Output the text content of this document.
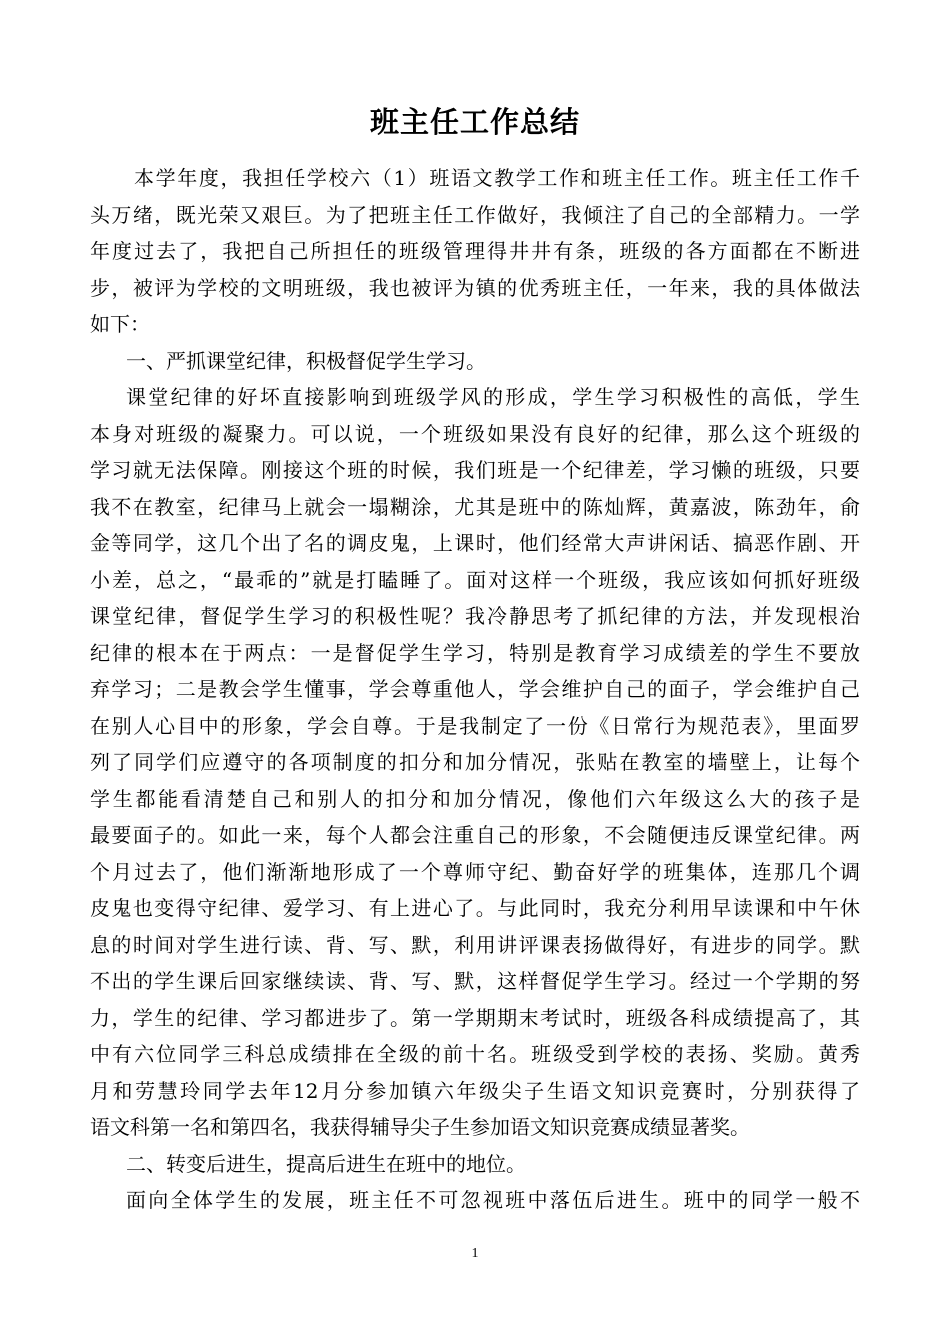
班主任工作总结
本学年度，我担任学校六（1）班语文教学工作和班主任工作。班主任工作千
头万绪，既光荣又艰巨。为了把班主任工作做好，我倾注了自己的全部精力。一学
年度过去了，我把自己所担任的班级管理得井井有条，班级的各方面都在不断进
步，被评为学校的文明班级，我也被评为镇的优秀班主任，一年来，我的具体做法
如下：
一、严抓课堂纪律，积极督促学生学习。
课堂纪律的好坏直接影响到班级学风的形成，学生学习积极性的高低，学生
本身对班级的凝聚力。可以说，一个班级如果没有良好的纪律，那么这个班级的
学习就无法保障。刚接这个班的时候，我们班是一个纪律差，学习懒的班级，只要
我不在教室，纪律马上就会一塌糊涂，尤其是班中的陈灿辉，黄嘉波，陈劲年，俞
金等同学，这几个出了名的调皮鬼，上课时，他们经常大声讲闲话、搞恶作剧、开
小差，总之，“最乖的”就是打瞌睡了。面对这样一个班级，我应该如何抓好班级
课堂纪律，督促学生学习的积极性呢？我冷静思考了抓纪律的方法，并发现根治
纪律的根本在于两点：一是督促学生学习，特别是教育学习成绩差的学生不要放
弃学习；二是教会学生懂事，学会尊重他人，学会维护自己的面子，学会维护自己
在别人心目中的形象，学会自尊。于是我制定了一份《日常行为规范表》，里面罗
列了同学们应遵守的各项制度的扣分和加分情况，张贴在教室的墙壁上，让每个
学生都能看清楚自己和别人的扣分和加分情况，像他们六年级这么大的孩子是
最要面子的。如此一来，每个人都会注重自己的形象，不会随便违反课堂纪律。两
个月过去了，他们渐渐地形成了一个尊师守纪、勤奋好学的班集体，连那几个调
皮鬼也变得守纪律、爱学习、有上进心了。与此同时，我充分利用早读课和中午休
息的时间对学生进行读、背、写、默，利用讲评课表扬做得好，有进步的同学。默
不出的学生课后回家继续读、背、写、默，这样督促学生学习。经过一个学期的努
力，学生的纪律、学习都进步了。第一学期期末考试时，班级各科成绩提高了，其
中有六位同学三科总成绩排在全级的前十名。班级受到学校的表扬、奖励。黄秀
月和劳慧玲同学去年12月分参加镇六年级尖子生语文知识竞赛时，分别获得了
语文科第一名和第四名，我获得辅导尖子生参加语文知识竞赛成绩显著奖。
二、转变后进生，提高后进生在班中的地位。
面向全体学生的发展，班主任不可忽视班中落伍后进生。班中的同学一般不
1
